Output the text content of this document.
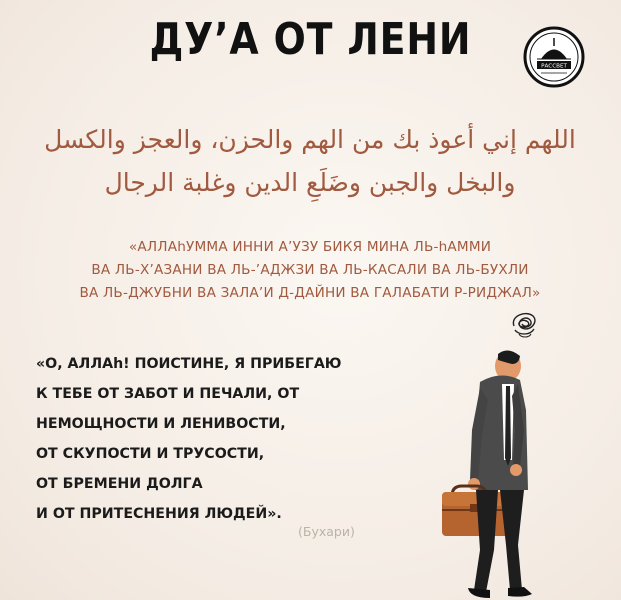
ДУ’А ОТ ЛЕНИ
РАССВЕТ
اللهم إني أعوذ بك من الهم والحزن، والعجز والكسل
والبخل والجبن وضَلَعِ الدين وغلبة الرجال
«АЛЛАhУММА ИННИ А’УЗУ БИКЯ МИНА ЛЬ-hАММИ
ВА ЛЬ-Х’АЗАНИ ВА ЛЬ-’АДЖЗИ ВА ЛЬ-КАСАЛИ ВА ЛЬ-БУХЛИ
ВА ЛЬ-ДЖУБНИ ВА ЗАЛА’И Д-ДАЙНИ ВА ГАЛАБАТИ Р-РИДЖАЛ»
«О, АЛЛАh! ПОИСТИНЕ, Я ПРИБЕГАЮ
К ТЕБЕ ОТ ЗАБОТ И ПЕЧАЛИ, ОТ
НЕМОЩНОСТИ И ЛЕНИВОСТИ,
ОТ СКУПОСТИ И ТРУСОСТИ,
ОТ БРЕМЕНИ ДОЛГА
И ОТ ПРИТЕСНЕНИЯ ЛЮДЕЙ».
(Бухари)
